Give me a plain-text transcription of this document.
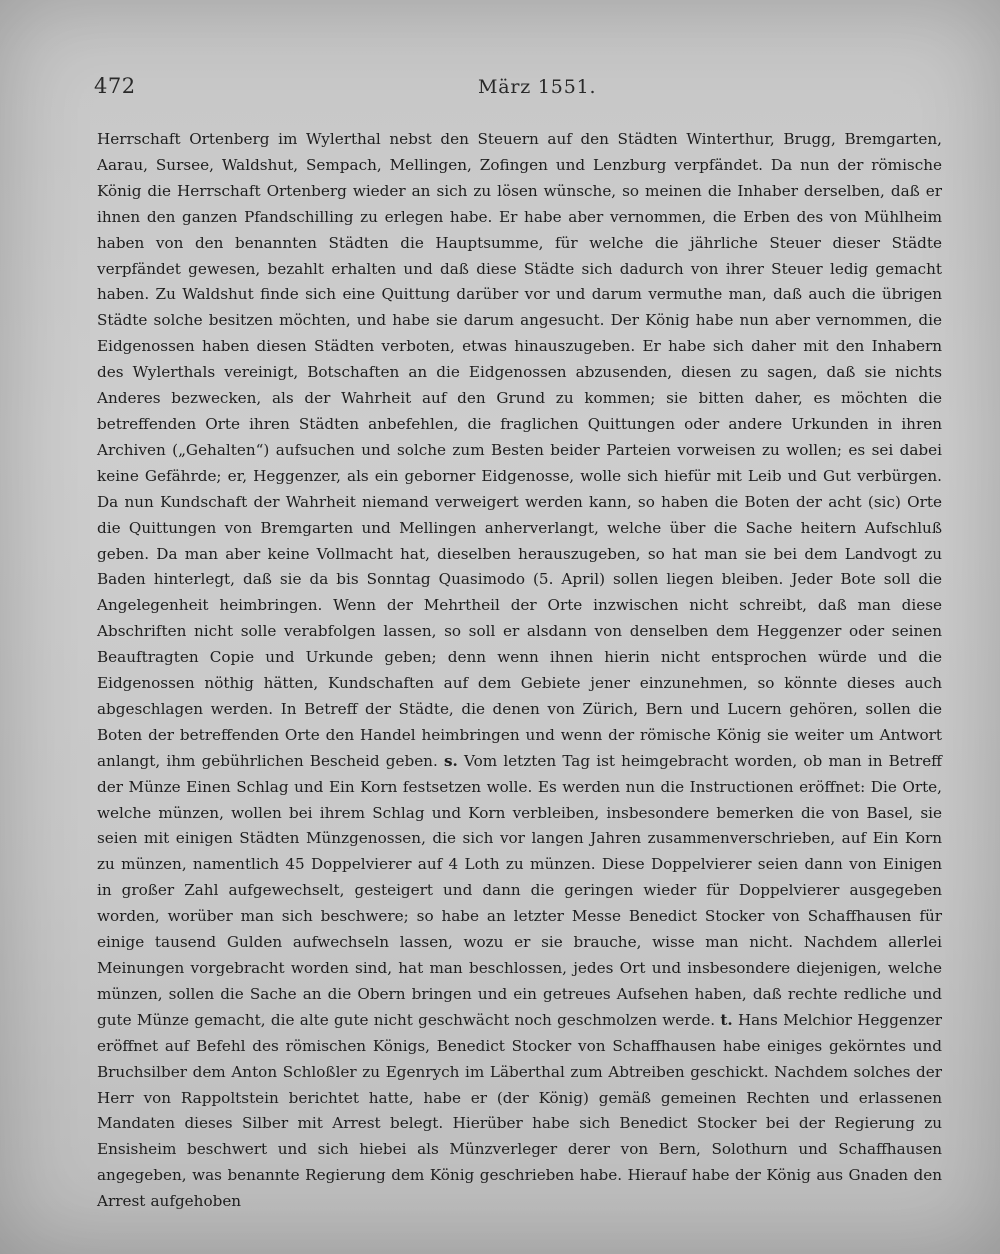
472	März 1551.

Herrschaft Ortenberg im Wylerthal nebst den Steuern auf den Städten Winterthur, Brugg, Bremgarten, Aarau, Sursee, Waldshut, Sempach, Mellingen, Zofingen und Lenzburg verpfändet. Da nun der römische König die Herrschaft Ortenberg wieder an sich zu lösen wünsche, so meinen die Inhaber derselben, daß er ihnen den ganzen Pfandschilling zu erlegen habe. Er habe aber vernommen, die Erben des von Mühlheim haben von den benannten Städten die Hauptsumme, für welche die jährliche Steuer dieser Städte verpfändet gewesen, bezahlt erhalten und daß diese Städte sich dadurch von ihrer Steuer ledig gemacht haben. Zu Waldshut finde sich eine Quittung darüber vor und darum vermuthe man, daß auch die übrigen Städte solche besitzen möchten, und habe sie darum angesucht. Der König habe nun aber vernommen, die Eidgenossen haben diesen Städten verboten, etwas hinauszugeben. Er habe sich daher mit den Inhabern des Wylerthals vereinigt, Botschaften an die Eidgenossen abzusenden, diesen zu sagen, daß sie nichts Anderes bezwecken, als der Wahrheit auf den Grund zu kommen; sie bitten daher, es möchten die betreffenden Orte ihren Städten anbefehlen, die fraglichen Quittungen oder andere Urkunden in ihren Archiven („Gehalten“) aufsuchen und solche zum Besten beider Parteien vorweisen zu wollen; es sei dabei keine Gefährde; er, Heggenzer, als ein geborner Eidgenosse, wolle sich hiefür mit Leib und Gut verbürgen. Da nun Kundschaft der Wahrheit niemand verweigert werden kann, so haben die Boten der acht (sic) Orte die Quittungen von Bremgarten und Mellingen anherverlangt, welche über die Sache heitern Aufschluß geben. Da man aber keine Vollmacht hat, dieselben herauszugeben, so hat man sie bei dem Landvogt zu Baden hinterlegt, daß sie da bis Sonntag Quasimodo (5. April) sollen liegen bleiben. Jeder Bote soll die Angelegenheit heimbringen. Wenn der Mehrtheil der Orte inzwischen nicht schreibt, daß man diese Abschriften nicht solle verabfolgen lassen, so soll er alsdann von denselben dem Heggenzer oder seinen Beauftragten Copie und Urkunde geben; denn wenn ihnen hierin nicht entsprochen würde und die Eidgenossen nöthig hätten, Kundschaften auf dem Gebiete jener einzunehmen, so könnte dieses auch abgeschlagen werden. In Betreff der Städte, die denen von Zürich, Bern und Lucern gehören, sollen die Boten der betreffenden Orte den Handel heimbringen und wenn der römische König sie weiter um Antwort anlangt, ihm gebührlichen Bescheid geben. s. Vom letzten Tag ist heimgebracht worden, ob man in Betreff der Münze Einen Schlag und Ein Korn festsetzen wolle. Es werden nun die Instructionen eröffnet: Die Orte, welche münzen, wollen bei ihrem Schlag und Korn verbleiben, insbesondere bemerken die von Basel, sie seien mit einigen Städten Münzgenossen, die sich vor langen Jahren zusammenverschrieben, auf Ein Korn zu münzen, namentlich 45 Doppelvierer auf 4 Loth zu münzen. Diese Doppelvierer seien dann von Einigen in großer Zahl aufgewechselt, gesteigert und dann die geringen wieder für Doppelvierer ausgegeben worden, worüber man sich beschwere; so habe an letzter Messe Benedict Stocker von Schaffhausen für einige tausend Gulden aufwechseln lassen, wozu er sie brauche, wisse man nicht. Nachdem allerlei Meinungen vorgebracht worden sind, hat man beschlossen, jedes Ort und insbesondere diejenigen, welche münzen, sollen die Sache an die Obern bringen und ein getreues Aufsehen haben, daß rechte redliche und gute Münze gemacht, die alte gute nicht geschwächt noch geschmolzen werde. t. Hans Melchior Heggenzer eröffnet auf Befehl des römischen Königs, Benedict Stocker von Schaffhausen habe einiges gekörntes und Bruchsilber dem Anton Schloßler zu Egenrych im Läberthal zum Abtreiben geschickt. Nachdem solches der Herr von Rappoltstein berichtet hatte, habe er (der König) gemäß gemeinen Rechten und erlassenen Mandaten dieses Silber mit Arrest belegt. Hierüber habe sich Benedict Stocker bei der Regierung zu Ensisheim beschwert und sich hiebei als Münzverleger derer von Bern, Solothurn und Schaffhausen angegeben, was benannte Regierung dem König geschrieben habe. Hierauf habe der König aus Gnaden den Arrest aufgehoben
